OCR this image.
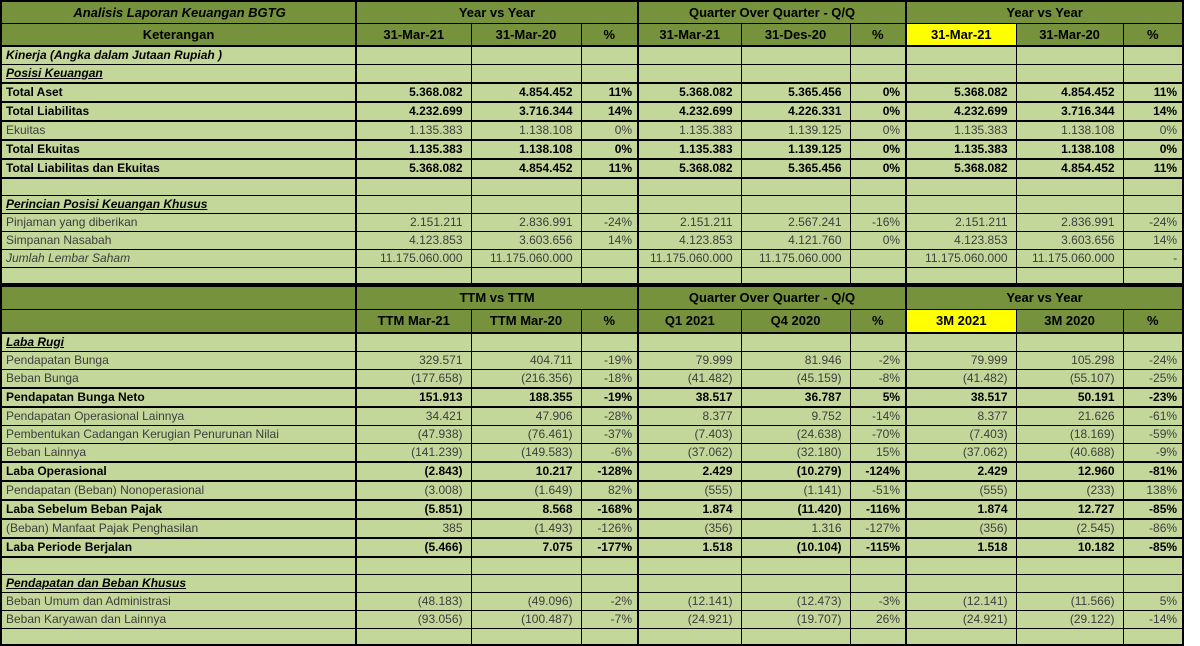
Analisis Laporan Keuangan BGTG	Year vs Year			Quarter Over Quarter - Q/Q			Year vs Year		
Keterangan	31-Mar-21	31-Mar-20	%	31-Mar-21	31-Des-20	%	31-Mar-21	31-Mar-20	%
Kinerja (Angka dalam Jutaan Rupiah )									
Posisi Keuangan									
Total Aset	5.368.082	4.854.452	11%	5.368.082	5.365.456	0%	5.368.082	4.854.452	11%
Total Liabilitas	4.232.699	3.716.344	14%	4.232.699	4.226.331	0%	4.232.699	3.716.344	14%
Ekuitas	1.135.383	1.138.108	0%	1.135.383	1.139.125	0%	1.135.383	1.138.108	0%
Total Ekuitas	1.135.383	1.138.108	0%	1.135.383	1.139.125	0%	1.135.383	1.138.108	0%
Total Liabilitas dan Ekuitas	5.368.082	4.854.452	11%	5.368.082	5.365.456	0%	5.368.082	4.854.452	11%

Perincian Posisi Keuangan Khusus									
Pinjaman yang diberikan	2.151.211	2.836.991	-24%	2.151.211	2.567.241	-16%	2.151.211	2.836.991	-24%
Simpanan Nasabah	4.123.853	3.603.656	14%	4.123.853	4.121.760	0%	4.123.853	3.603.656	14%
Jumlah Lembar Saham	11.175.060.000	11.175.060.000		11.175.060.000	11.175.060.000		11.175.060.000	11.175.060.000	-

	TTM vs TTM			Quarter Over Quarter - Q/Q			Year vs Year		
	TTM Mar-21	TTM Mar-20	%	Q1 2021	Q4 2020	%	3M 2021	3M 2020	%
Laba Rugi									
Pendapatan Bunga	329.571	404.711	-19%	79.999	81.946	-2%	79.999	105.298	-24%
Beban Bunga	(177.658)	(216.356)	-18%	(41.482)	(45.159)	-8%	(41.482)	(55.107)	-25%
Pendapatan Bunga Neto	151.913	188.355	-19%	38.517	36.787	5%	38.517	50.191	-23%
Pendapatan Operasional Lainnya	34.421	47.906	-28%	8.377	9.752	-14%	8.377	21.626	-61%
Pembentukan Cadangan Kerugian Penurunan Nilai	(47.938)	(76.461)	-37%	(7.403)	(24.638)	-70%	(7.403)	(18.169)	-59%
Beban Lainnya	(141.239)	(149.583)	-6%	(37.062)	(32.180)	15%	(37.062)	(40.688)	-9%
Laba Operasional	(2.843)	10.217	-128%	2.429	(10.279)	-124%	2.429	12.960	-81%
Pendapatan (Beban) Nonoperasional	(3.008)	(1.649)	82%	(555)	(1.141)	-51%	(555)	(233)	138%
Laba Sebelum Beban Pajak	(5.851)	8.568	-168%	1.874	(11.420)	-116%	1.874	12.727	-85%
(Beban) Manfaat Pajak Penghasilan	385	(1.493)	-126%	(356)	1.316	-127%	(356)	(2.545)	-86%
Laba Periode Berjalan	(5.466)	7.075	-177%	1.518	(10.104)	-115%	1.518	10.182	-85%

Pendapatan dan Beban Khusus									
Beban Umum dan Administrasi	(48.183)	(49.096)	-2%	(12.141)	(12.473)	-3%	(12.141)	(11.566)	5%
Beban Karyawan dan Lainnya	(93.056)	(100.487)	-7%	(24.921)	(19.707)	26%	(24.921)	(29.122)	-14%
